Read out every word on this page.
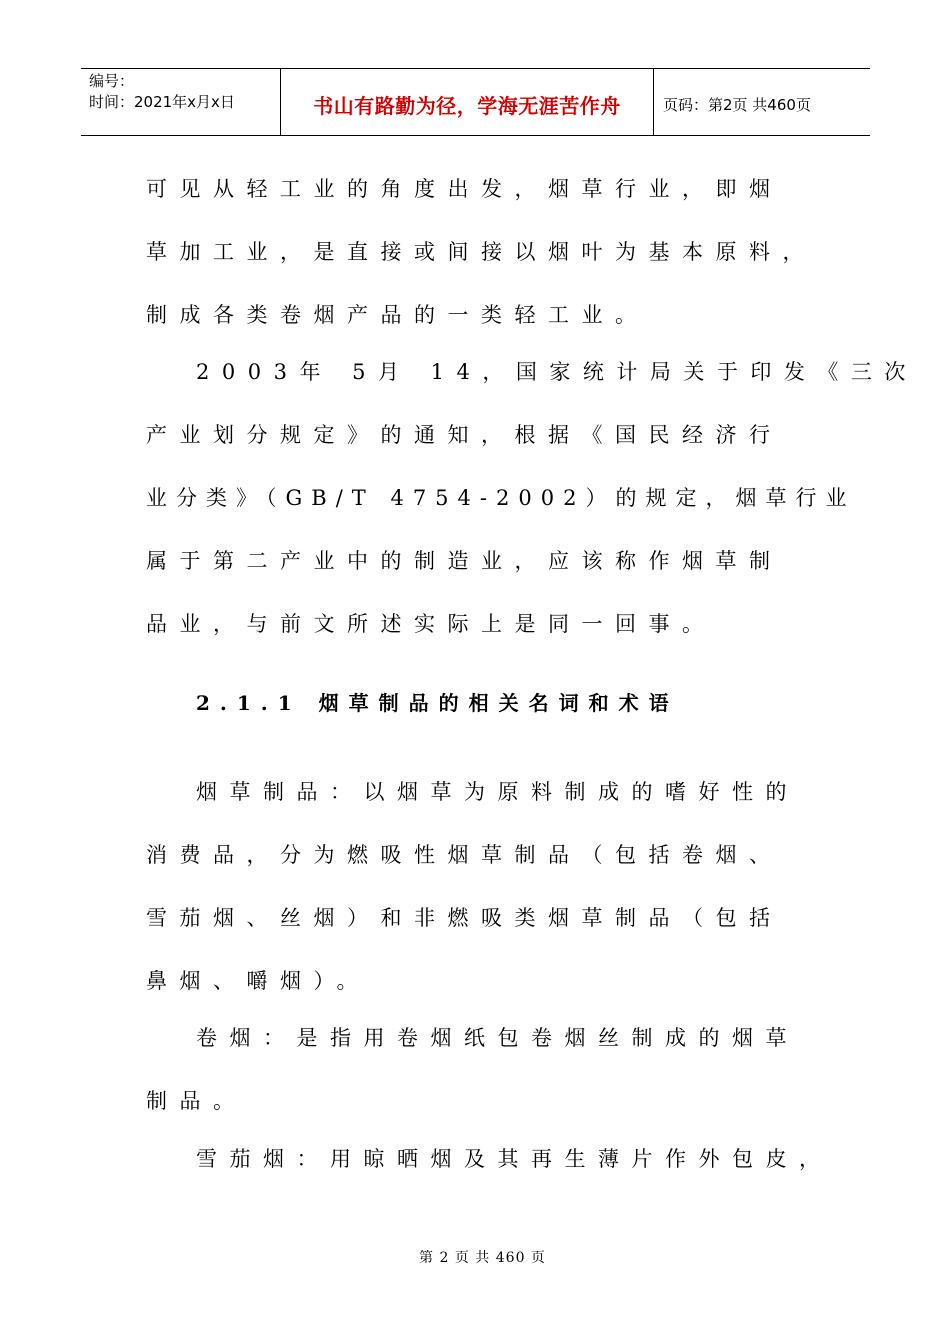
编号：
时间：2021年x月x日	书山有路勤为径，学海无涯苦作舟	页码：第2页 共460页
可见从轻工业的角度出发，烟草行业，即烟
草加工业，是直接或间接以烟叶为基本原料，
制成各类卷烟产品的一类轻工业。
2003年 5月 14，国家统计局关于印发《三次
产业划分规定》的通知，根据《国民经济行
业分类》（GB/T 4754-2002）的规定，烟草行业
属于第二产业中的制造业，应该称作烟草制
品业，与前文所述实际上是同一回事。
2.1.1 烟草制品的相关名词和术语
烟草制品：以烟草为原料制成的嗜好性的
消费品，分为燃吸性烟草制品（包括卷烟、
雪茄烟、丝烟）和非燃吸类烟草制品（包括
鼻烟、嚼烟）。
卷烟：是指用卷烟纸包卷烟丝制成的烟草
制品。
雪茄烟：用晾晒烟及其再生薄片作外包皮，
第 2 页 共 460 页
